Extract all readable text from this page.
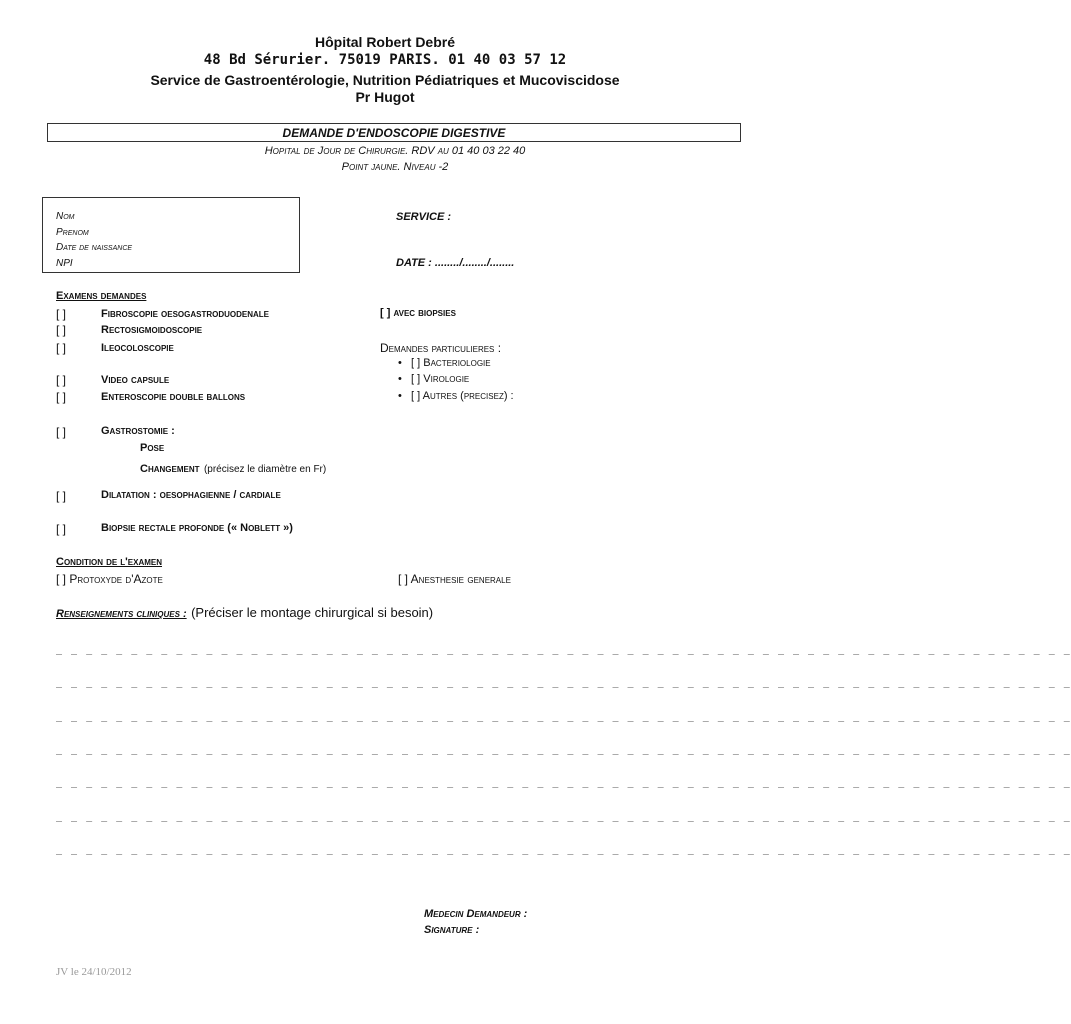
Hôpital Robert Debré
48 Bd Sérurier. 75019 PARIS. 01 40 03 57 12
Service de Gastroentérologie, Nutrition Pédiatriques et Mucoviscidose
Pr Hugot
DEMANDE D'ENDOSCOPIE DIGESTIVE
Hopital de Jour de Chirurgie. RDV au 01 40 03 22 40
Point jaune. Niveau -2
Nom
Prenom
Date de naissance
NPI
SERVICE :
DATE : ......../......../........
Examens demandes
[ ]	Fibroscopie oesogastroduodenale
[ ]	Rectosigmoidoscopie
[ ]	Ileocoloscopie
[ ]	Video capsule
[ ]	Enteroscopie double ballons
[ ] avec biopsies
Demandes particulieres :
•   [ ] Bacteriologie
•   [ ] Virologie
•   [ ] Autres (precisez) :
[ ]	Gastrostomie :
Pose
Changement (précisez le diamètre en Fr)
[ ]	Dilatation : oesophagienne / cardiale
[ ]	Biopsie rectale profonde (« Noblett »)
Condition de l'examen
[ ] Protoxyde d'Azote	[ ] Anesthesie generale
Renseignements cliniques : (Préciser le montage chirurgical si besoin)
_ _ _ _ _ _ _ _ _ _ _ _ _ _ _ _ _ _ _ _ _ _ _ _ _ _ _ _ _ _ _ _ _ _ _ _ _ _ _ _ _ _ _ _ _ _ _ _ _ _ _ _ _ _ _ _ _ _ _ _ _ _ _ _ _ _ _ _
_ _ _ _ _ _ _ _ _ _ _ _ _ _ _ _ _ _ _ _ _ _ _ _ _ _ _ _ _ _ _ _ _ _ _ _ _ _ _ _ _ _ _ _ _ _ _ _ _ _ _ _ _ _ _ _ _ _ _ _ _ _ _ _ _ _ _ _
_ _ _ _ _ _ _ _ _ _ _ _ _ _ _ _ _ _ _ _ _ _ _ _ _ _ _ _ _ _ _ _ _ _ _ _ _ _ _ _ _ _ _ _ _ _ _ _ _ _ _ _ _ _ _ _ _ _ _ _ _ _ _ _ _ _ _ _
_ _ _ _ _ _ _ _ _ _ _ _ _ _ _ _ _ _ _ _ _ _ _ _ _ _ _ _ _ _ _ _ _ _ _ _ _ _ _ _ _ _ _ _ _ _ _ _ _ _ _ _ _ _ _ _ _ _ _ _ _ _ _ _ _ _ _ _
_ _ _ _ _ _ _ _ _ _ _ _ _ _ _ _ _ _ _ _ _ _ _ _ _ _ _ _ _ _ _ _ _ _ _ _ _ _ _ _ _ _ _ _ _ _ _ _ _ _ _ _ _ _ _ _ _ _ _ _ _ _ _ _ _ _ _ _
_ _ _ _ _ _ _ _ _ _ _ _ _ _ _ _ _ _ _ _ _ _ _ _ _ _ _ _ _ _ _ _ _ _ _ _ _ _ _ _ _ _ _ _ _ _ _ _ _ _ _ _ _ _ _ _ _ _ _ _ _ _ _ _ _ _ _ _
_ _ _ _ _ _ _ _ _ _ _ _ _ _ _ _ _ _ _ _ _ _ _ _ _ _ _ _ _ _ _ _ _ _ _ _ _ _ _ _ _ _ _ _ _ _ _ _ _ _ _ _ _ _ _ _ _ _ _ _ _ _ _ _ _ _ _ _
Medecin Demandeur :
Signature :
JV le 24/10/2012
